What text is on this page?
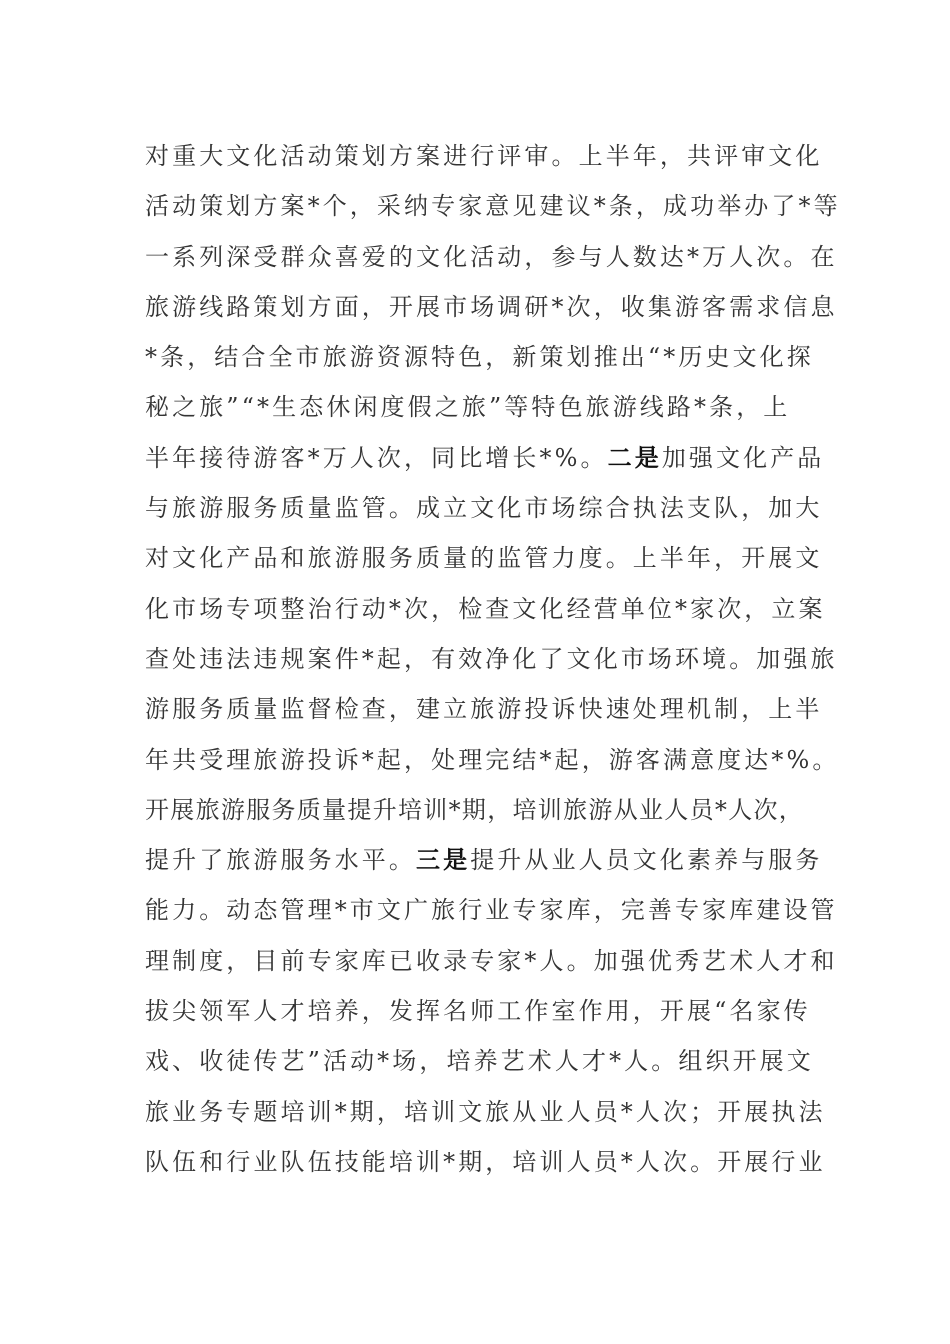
对重大文化活动策划方案进行评审。上半年，共评审文化
活动策划方案*个，采纳专家意见建议*条，成功举办了*等
一系列深受群众喜爱的文化活动，参与人数达*万人次。在
旅游线路策划方面，开展市场调研*次，收集游客需求信息
*条，结合全市旅游资源特色，新策划推出“*历史文化探
秘之旅”“*生态休闲度假之旅”等特色旅游线路*条，上
半年接待游客*万人次，同比增长*%。二是加强文化产品
与旅游服务质量监管。成立文化市场综合执法支队，加大
对文化产品和旅游服务质量的监管力度。上半年，开展文
化市场专项整治行动*次，检查文化经营单位*家次，立案
查处违法违规案件*起，有效净化了文化市场环境。加强旅
游服务质量监督检查，建立旅游投诉快速处理机制，上半
年共受理旅游投诉*起，处理完结*起，游客满意度达*%。
开展旅游服务质量提升培训*期，培训旅游从业人员*人次，
提升了旅游服务水平。三是提升从业人员文化素养与服务
能力。动态管理*市文广旅行业专家库，完善专家库建设管
理制度，目前专家库已收录专家*人。加强优秀艺术人才和
拔尖领军人才培养，发挥名师工作室作用，开展“名家传
戏、收徒传艺”活动*场，培养艺术人才*人。组织开展文
旅业务专题培训*期，培训文旅从业人员*人次；开展执法
队伍和行业队伍技能培训*期，培训人员*人次。开展行业
